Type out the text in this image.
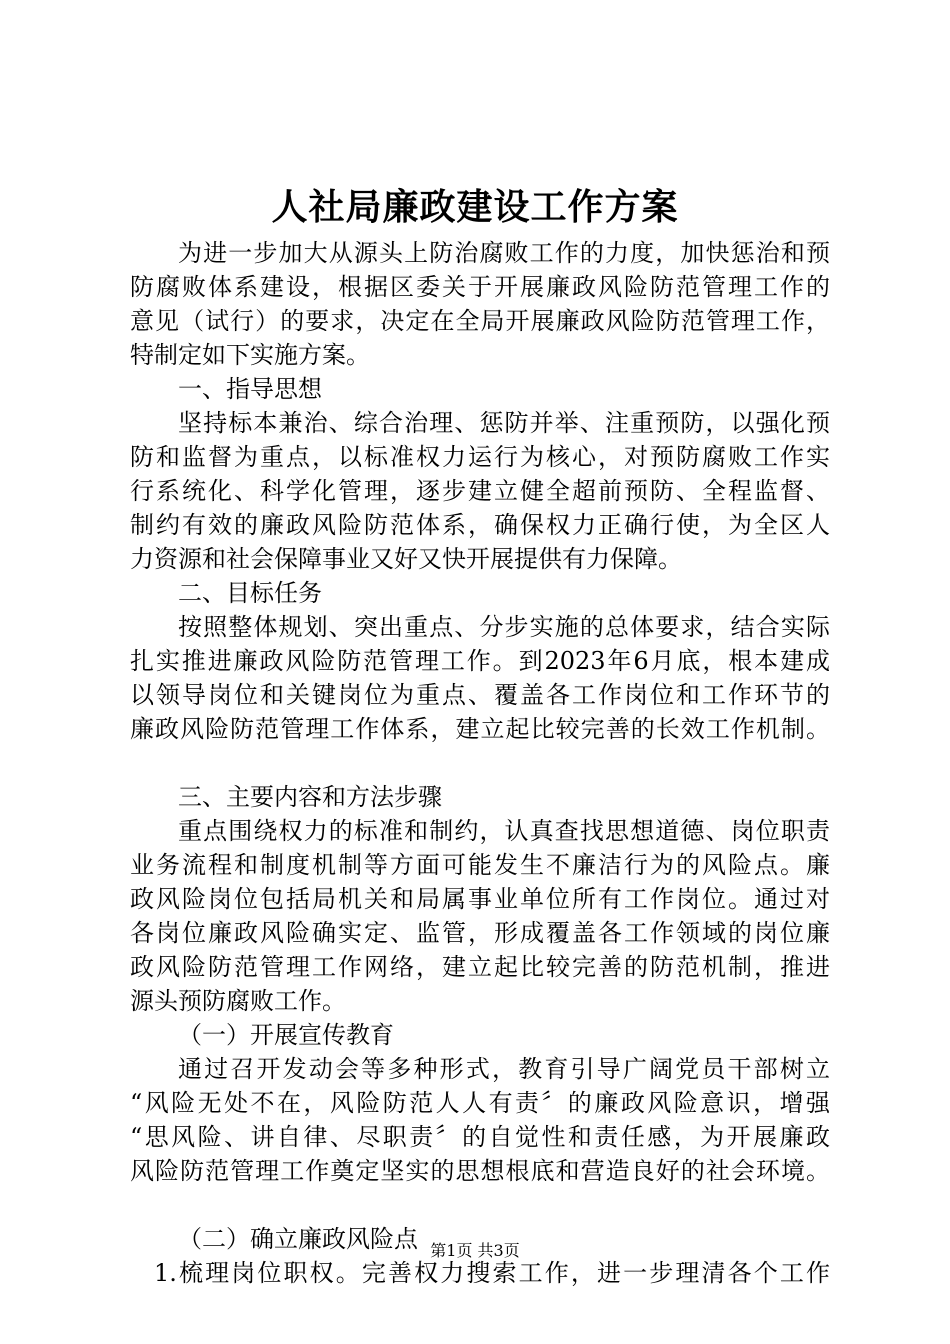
人社局廉政建设工作方案
为进一步加大从源头上防治腐败工作的力度，加快惩治和预
防腐败体系建设，根据区委关于开展廉政风险防范管理工作的
意见（试行）的要求，决定在全局开展廉政风险防范管理工作，
特制定如下实施方案。
一、指导思想
坚持标本兼治、综合治理、惩防并举、注重预防，以强化预
防和监督为重点，以标准权力运行为核心，对预防腐败工作实
行系统化、科学化管理，逐步建立健全超前预防、全程监督、
制约有效的廉政风险防范体系，确保权力正确行使，为全区人
力资源和社会保障事业又好又快开展提供有力保障。
二、目标任务
按照整体规划、突出重点、分步实施的总体要求，结合实际
扎实推进廉政风险防范管理工作。到2023年6月底，根本建成
以领导岗位和关键岗位为重点、覆盖各工作岗位和工作环节的
廉政风险防范管理工作体系，建立起比较完善的长效工作机制。
三、主要内容和方法步骤
重点围绕权力的标准和制约，认真查找思想道德、岗位职责
业务流程和制度机制等方面可能发生不廉洁行为的风险点。廉
政风险岗位包括局机关和局属事业单位所有工作岗位。通过对
各岗位廉政风险确实定、监管，形成覆盖各工作领域的岗位廉
政风险防范管理工作网络，建立起比较完善的防范机制，推进
源头预防腐败工作。
（一）开展宣传教育
通过召开发动会等多种形式，教育引导广阔党员干部树立
“风险无处不在，风险防范人人有责〞的廉政风险意识，增强
“思风险、讲自律、尽职责〞的自觉性和责任感，为开展廉政
风险防范管理工作奠定坚实的思想根底和营造良好的社会环境。
（二）确立廉政风险点
1.梳理岗位职权。完善权力搜索工作，进一步理清各个工作
第1页 共3页
